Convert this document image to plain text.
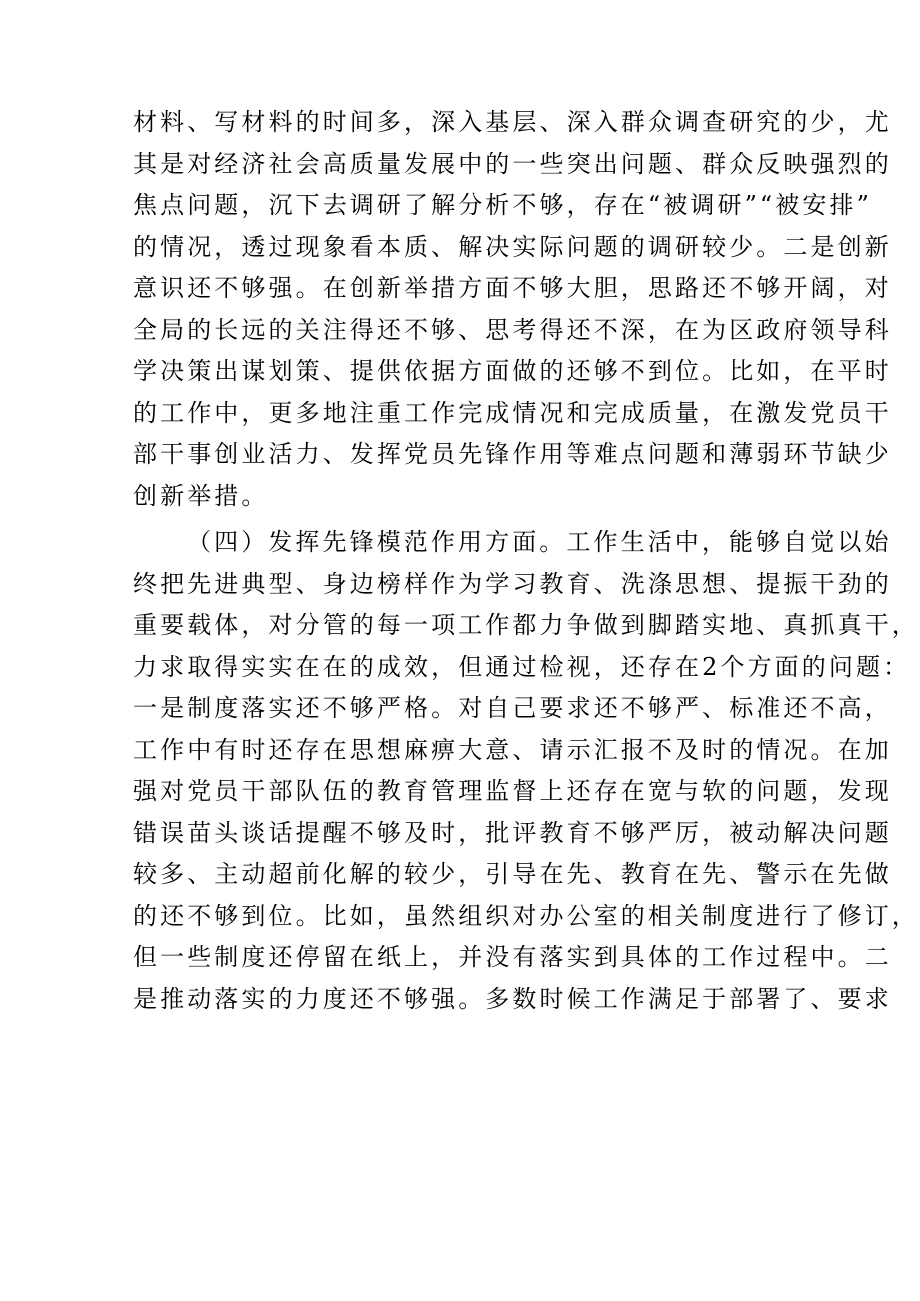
材料、写材料的时间多，深入基层、深入群众调查研究的少，尤
其是对经济社会高质量发展中的一些突出问题、群众反映强烈的
焦点问题，沉下去调研了解分析不够，存在“被调研”“被安排”
的情况，透过现象看本质、解决实际问题的调研较少。二是创新
意识还不够强。在创新举措方面不够大胆，思路还不够开阔，对
全局的长远的关注得还不够、思考得还不深，在为区政府领导科
学决策出谋划策、提供依据方面做的还够不到位。比如，在平时
的工作中，更多地注重工作完成情况和完成质量，在激发党员干
部干事创业活力、发挥党员先锋作用等难点问题和薄弱环节缺少
创新举措。
（四）发挥先锋模范作用方面。工作生活中，能够自觉以始
终把先进典型、身边榜样作为学习教育、洗涤思想、提振干劲的
重要载体，对分管的每一项工作都力争做到脚踏实地、真抓真干，
力求取得实实在在的成效，但通过检视，还存在2个方面的问题：
一是制度落实还不够严格。对自己要求还不够严、标准还不高，
工作中有时还存在思想麻痹大意、请示汇报不及时的情况。在加
强对党员干部队伍的教育管理监督上还存在宽与软的问题，发现
错误苗头谈话提醒不够及时，批评教育不够严厉，被动解决问题
较多、主动超前化解的较少，引导在先、教育在先、警示在先做
的还不够到位。比如，虽然组织对办公室的相关制度进行了修订，
但一些制度还停留在纸上，并没有落实到具体的工作过程中。二
是推动落实的力度还不够强。多数时候工作满足于部署了、要求
